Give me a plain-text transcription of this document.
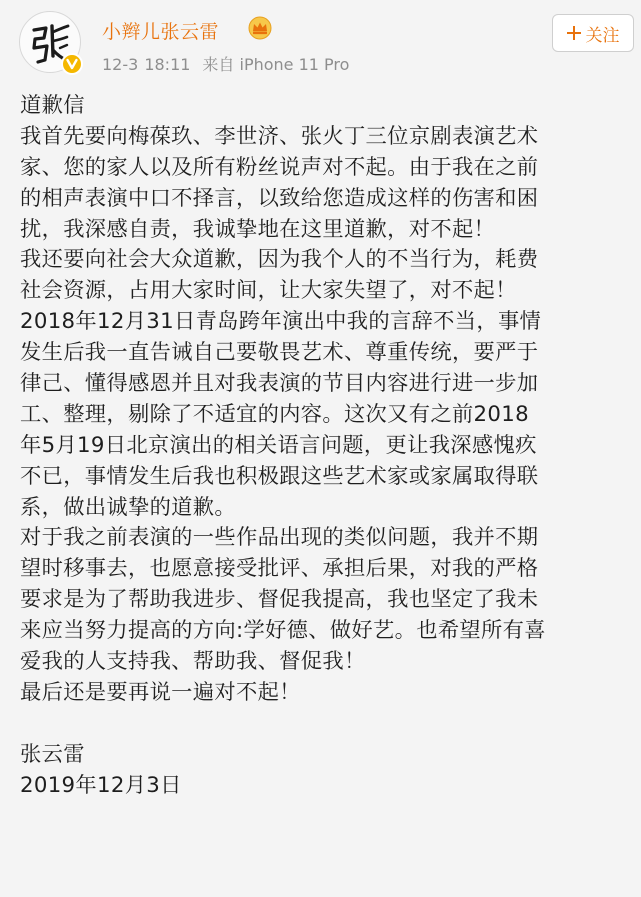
小辫儿张云雷
12-3 18:11 来自 iPhone 11 Pro
关注
道歉信
我首先要向梅葆玖、李世济、张火丁三位京剧表演艺术
家、您的家人以及所有粉丝说声对不起。由于我在之前
的相声表演中口不择言，以致给您造成这样的伤害和困
扰，我深感自责，我诚挚地在这里道歉，对不起！
我还要向社会大众道歉，因为我个人的不当行为，耗费
社会资源，占用大家时间，让大家失望了，对不起！
2018年12月31日青岛跨年演出中我的言辞不当，事情
发生后我一直告诫自己要敬畏艺术、尊重传统，要严于
律己、懂得感恩并且对我表演的节目内容进行进一步加
工、整理，剔除了不适宜的内容。这次又有之前2018
年5月19日北京演出的相关语言问题，更让我深感愧疚
不已，事情发生后我也积极跟这些艺术家或家属取得联
系，做出诚挚的道歉。
对于我之前表演的一些作品出现的类似问题，我并不期
望时移事去，也愿意接受批评、承担后果，对我的严格
要求是为了帮助我进步、督促我提高，我也坚定了我未
来应当努力提高的方向:学好德、做好艺。也希望所有喜
爱我的人支持我、帮助我、督促我！
最后还是要再说一遍对不起！
张云雷
2019年12月3日
